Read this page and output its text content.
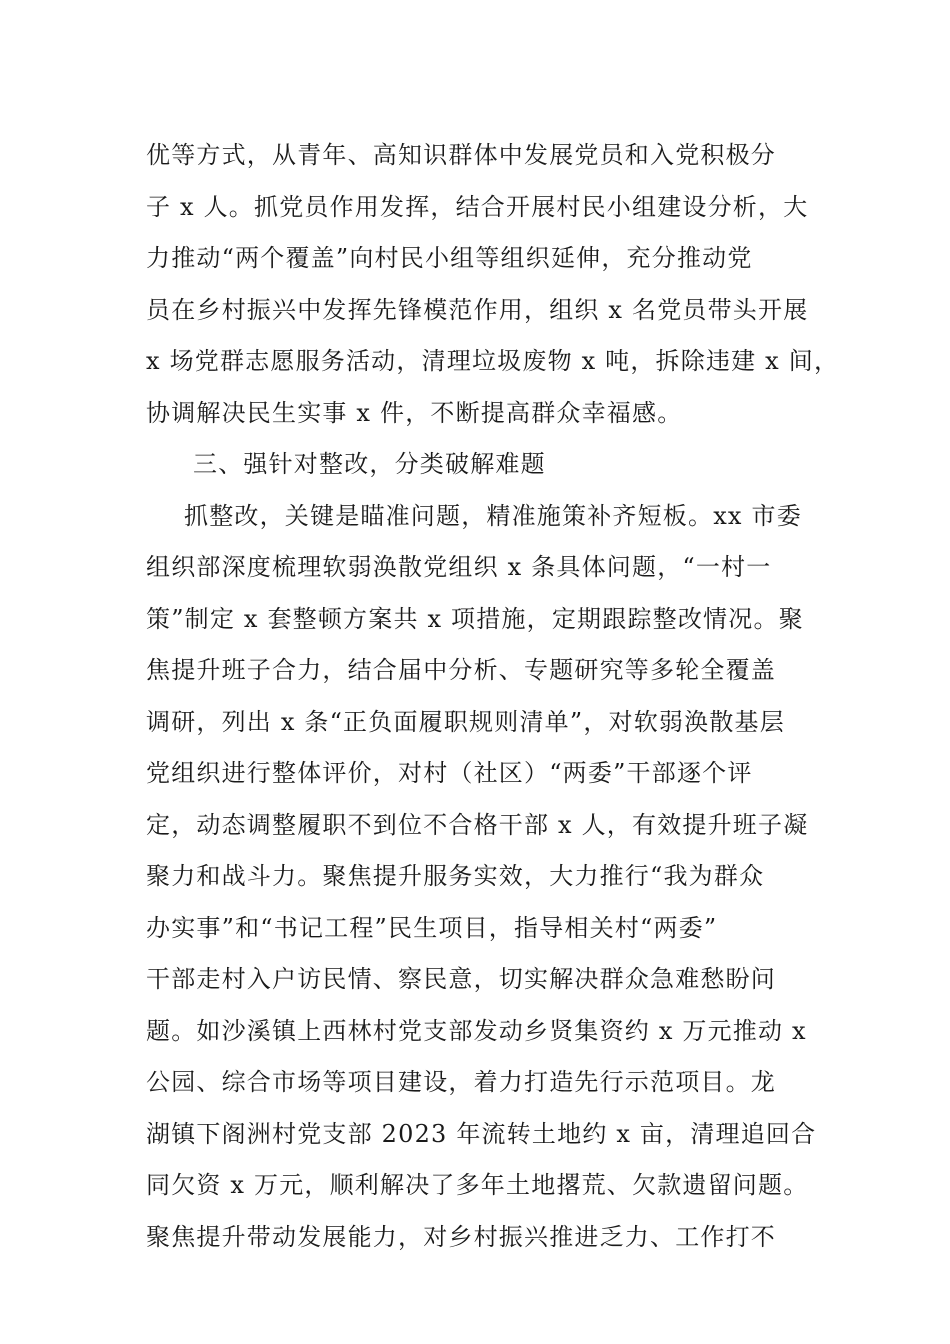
优等方式，从青年、高知识群体中发展党员和入党积极分
子 x 人。抓党员作用发挥，结合开展村民小组建设分析，大
力推动“两个覆盖”向村民小组等组织延伸，充分推动党
员在乡村振兴中发挥先锋模范作用，组织 x 名党员带头开展
x 场党群志愿服务活动，清理垃圾废物 x 吨，拆除违建 x 间，
协调解决民生实事 x 件，不断提高群众幸福感。
三、强针对整改，分类破解难题
抓整改，关键是瞄准问题，精准施策补齐短板。xx 市委
组织部深度梳理软弱涣散党组织 x 条具体问题，“一村一
策”制定 x 套整顿方案共 x 项措施，定期跟踪整改情况。聚
焦提升班子合力，结合届中分析、专题研究等多轮全覆盖
调研，列出 x 条“正负面履职规则清单”，对软弱涣散基层
党组织进行整体评价，对村（社区）“两委”干部逐个评
定，动态调整履职不到位不合格干部 x 人，有效提升班子凝
聚力和战斗力。聚焦提升服务实效，大力推行“我为群众
办实事”和“书记工程”民生项目，指导相关村“两委”
干部走村入户访民情、察民意，切实解决群众急难愁盼问
题。如沙溪镇上西林村党支部发动乡贤集资约 x 万元推动 x
公园、综合市场等项目建设，着力打造先行示范项目。龙
湖镇下阁洲村党支部 2023 年流转土地约 x 亩，清理追回合
同欠资 x 万元，顺利解决了多年土地撂荒、欠款遗留问题。
聚焦提升带动发展能力，对乡村振兴推进乏力、工作打不
